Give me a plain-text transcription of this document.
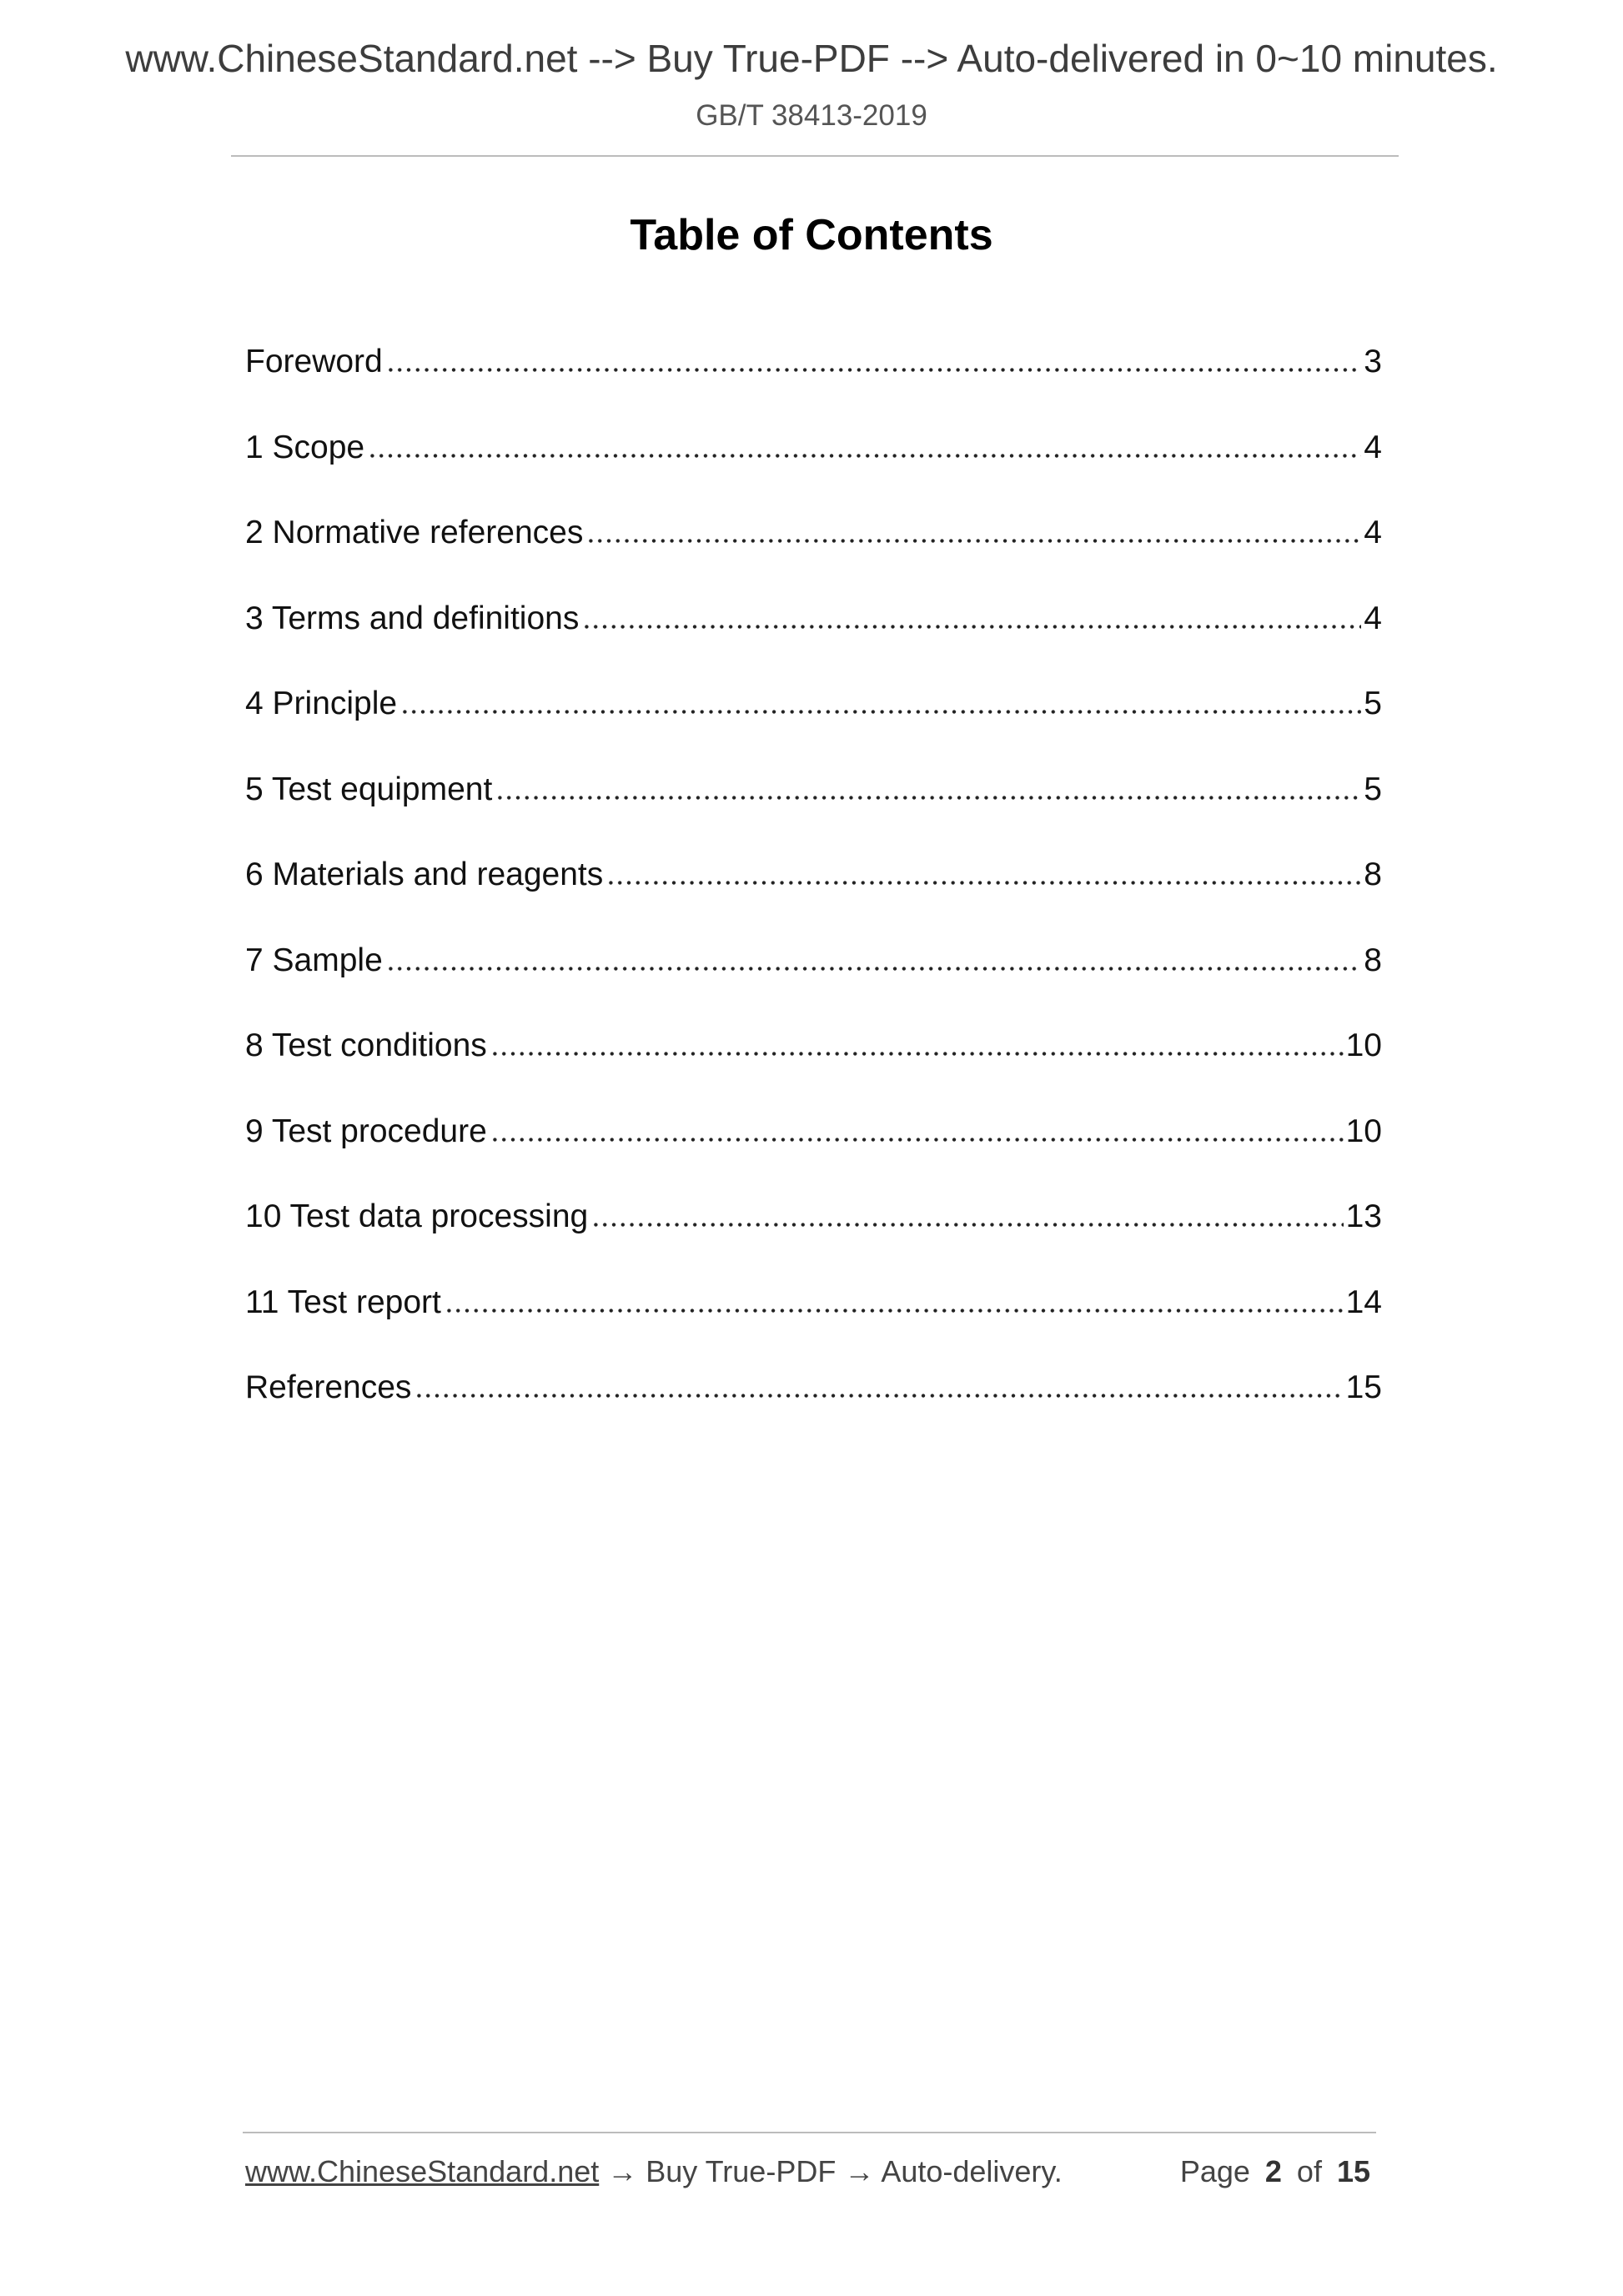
www.ChineseStandard.net --> Buy True-PDF --> Auto-delivered in 0~10 minutes.
GB/T 38413-2019
Table of Contents
Foreword	3
1 Scope	4
2 Normative references	4
3 Terms and definitions	4
4 Principle	5
5 Test equipment	5
6 Materials and reagents	8
7 Sample	8
8 Test conditions	10
9 Test procedure	10
10 Test data processing	13
11 Test report	14
References	15
www.ChineseStandard.net → Buy True-PDF → Auto-delivery.	Page 2 of 15
